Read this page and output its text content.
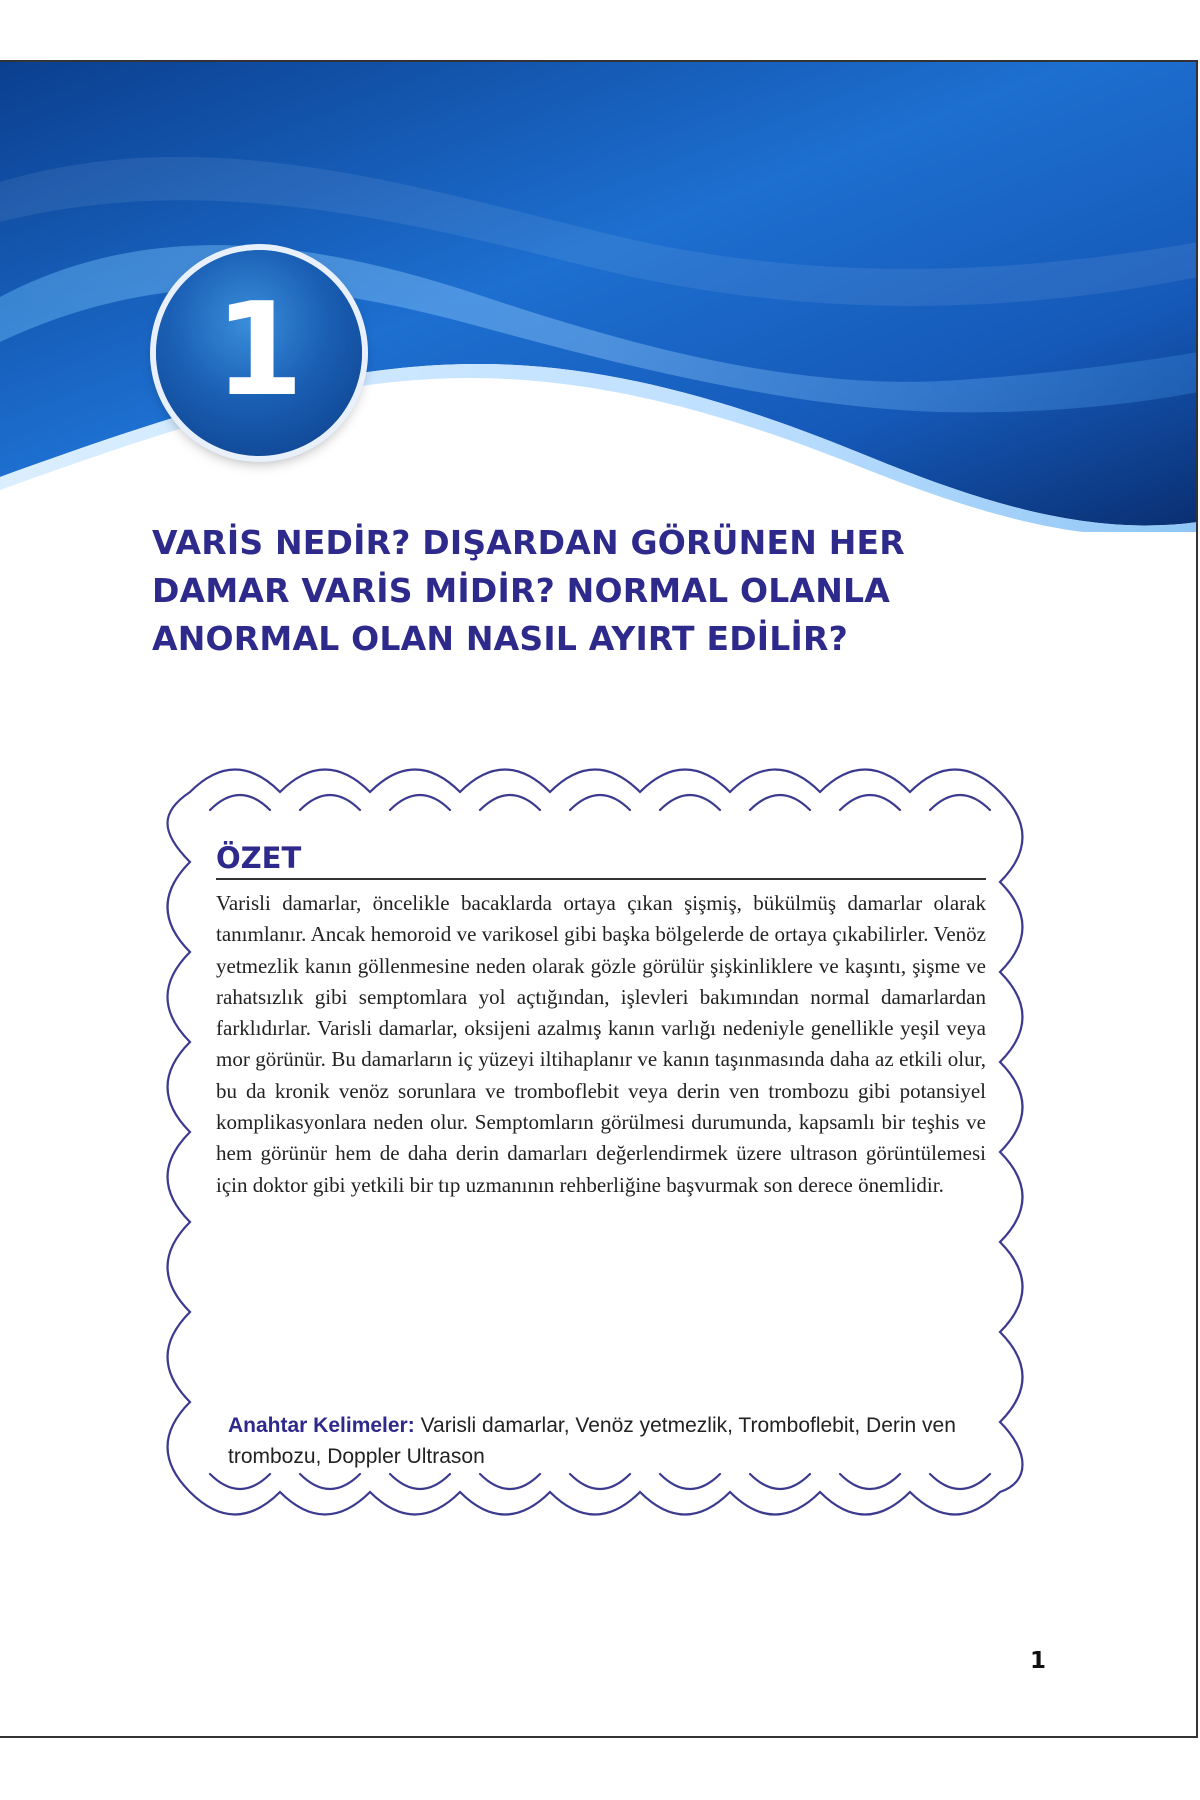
1
VARİS NEDİR? DIŞARDAN GÖRÜNEN HER
DAMAR VARİS MİDİR? NORMAL OLANLA
ANORMAL OLAN NASIL AYIRT EDİLİR?
ÖZET

Varisli damarlar, öncelikle bacaklarda ortaya çıkan şişmiş, bükülmüş damarlar olarak tanımlanır. Ancak hemoroid ve varikosel gibi başka bölgelerde de ortaya çıkabilirler. Venöz yetmezlik kanın göllenmesine neden olarak gözle görülür şişkinliklere ve kaşıntı, şişme ve rahatsızlık gibi semptomlara yol açtığından, işlevleri bakımından normal damarlardan farklıdırlar. Varisli damarlar, oksijeni azalmış kanın varlığı nedeniyle genellikle yeşil veya mor görünür. Bu damarların iç yüzeyi iltihaplanır ve kanın taşınmasında daha az etkili olur, bu da kronik venöz sorunlara ve tromboflebit veya derin ven trombozu gibi potansiyel komplikasyonlara neden olur. Semptomların görülmesi durumunda, kapsamlı bir teşhis ve hem görünür hem de daha derin damarları değerlendirmek üzere ultrason görüntülemesi için doktor gibi yetkili bir tıp uzmanının rehberliğine başvurmak son derece önemlidir.

Anahtar Kelimeler: Varisli damarlar, Venöz yetmezlik, Tromboflebit, Derin ven trombozu, Doppler Ultrason
1
